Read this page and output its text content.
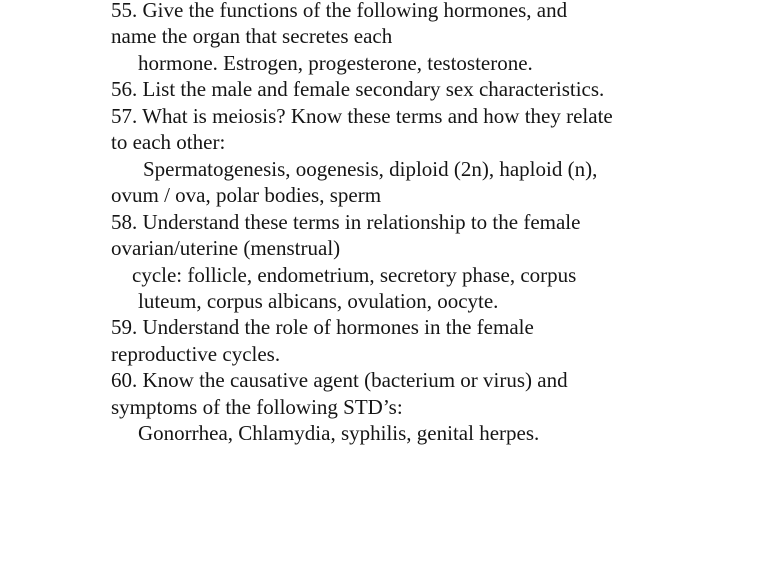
55. Give the functions of the following hormones, and
name the organ that secretes each
hormone. Estrogen, progesterone, testosterone.
56. List the male and female secondary sex characteristics.
57. What is meiosis? Know these terms and how they relate
to each other:
Spermatogenesis, oogenesis, diploid (2n), haploid (n),
ovum / ova, polar bodies, sperm
58. Understand these terms in relationship to the female
ovarian/uterine (menstrual)
cycle: follicle, endometrium, secretory phase, corpus
luteum, corpus albicans, ovulation, oocyte.
59. Understand the role of hormones in the female
reproductive cycles.
60. Know the causative agent (bacterium or virus) and
symptoms of the following STD’s:
Gonorrhea, Chlamydia, syphilis, genital herpes.
